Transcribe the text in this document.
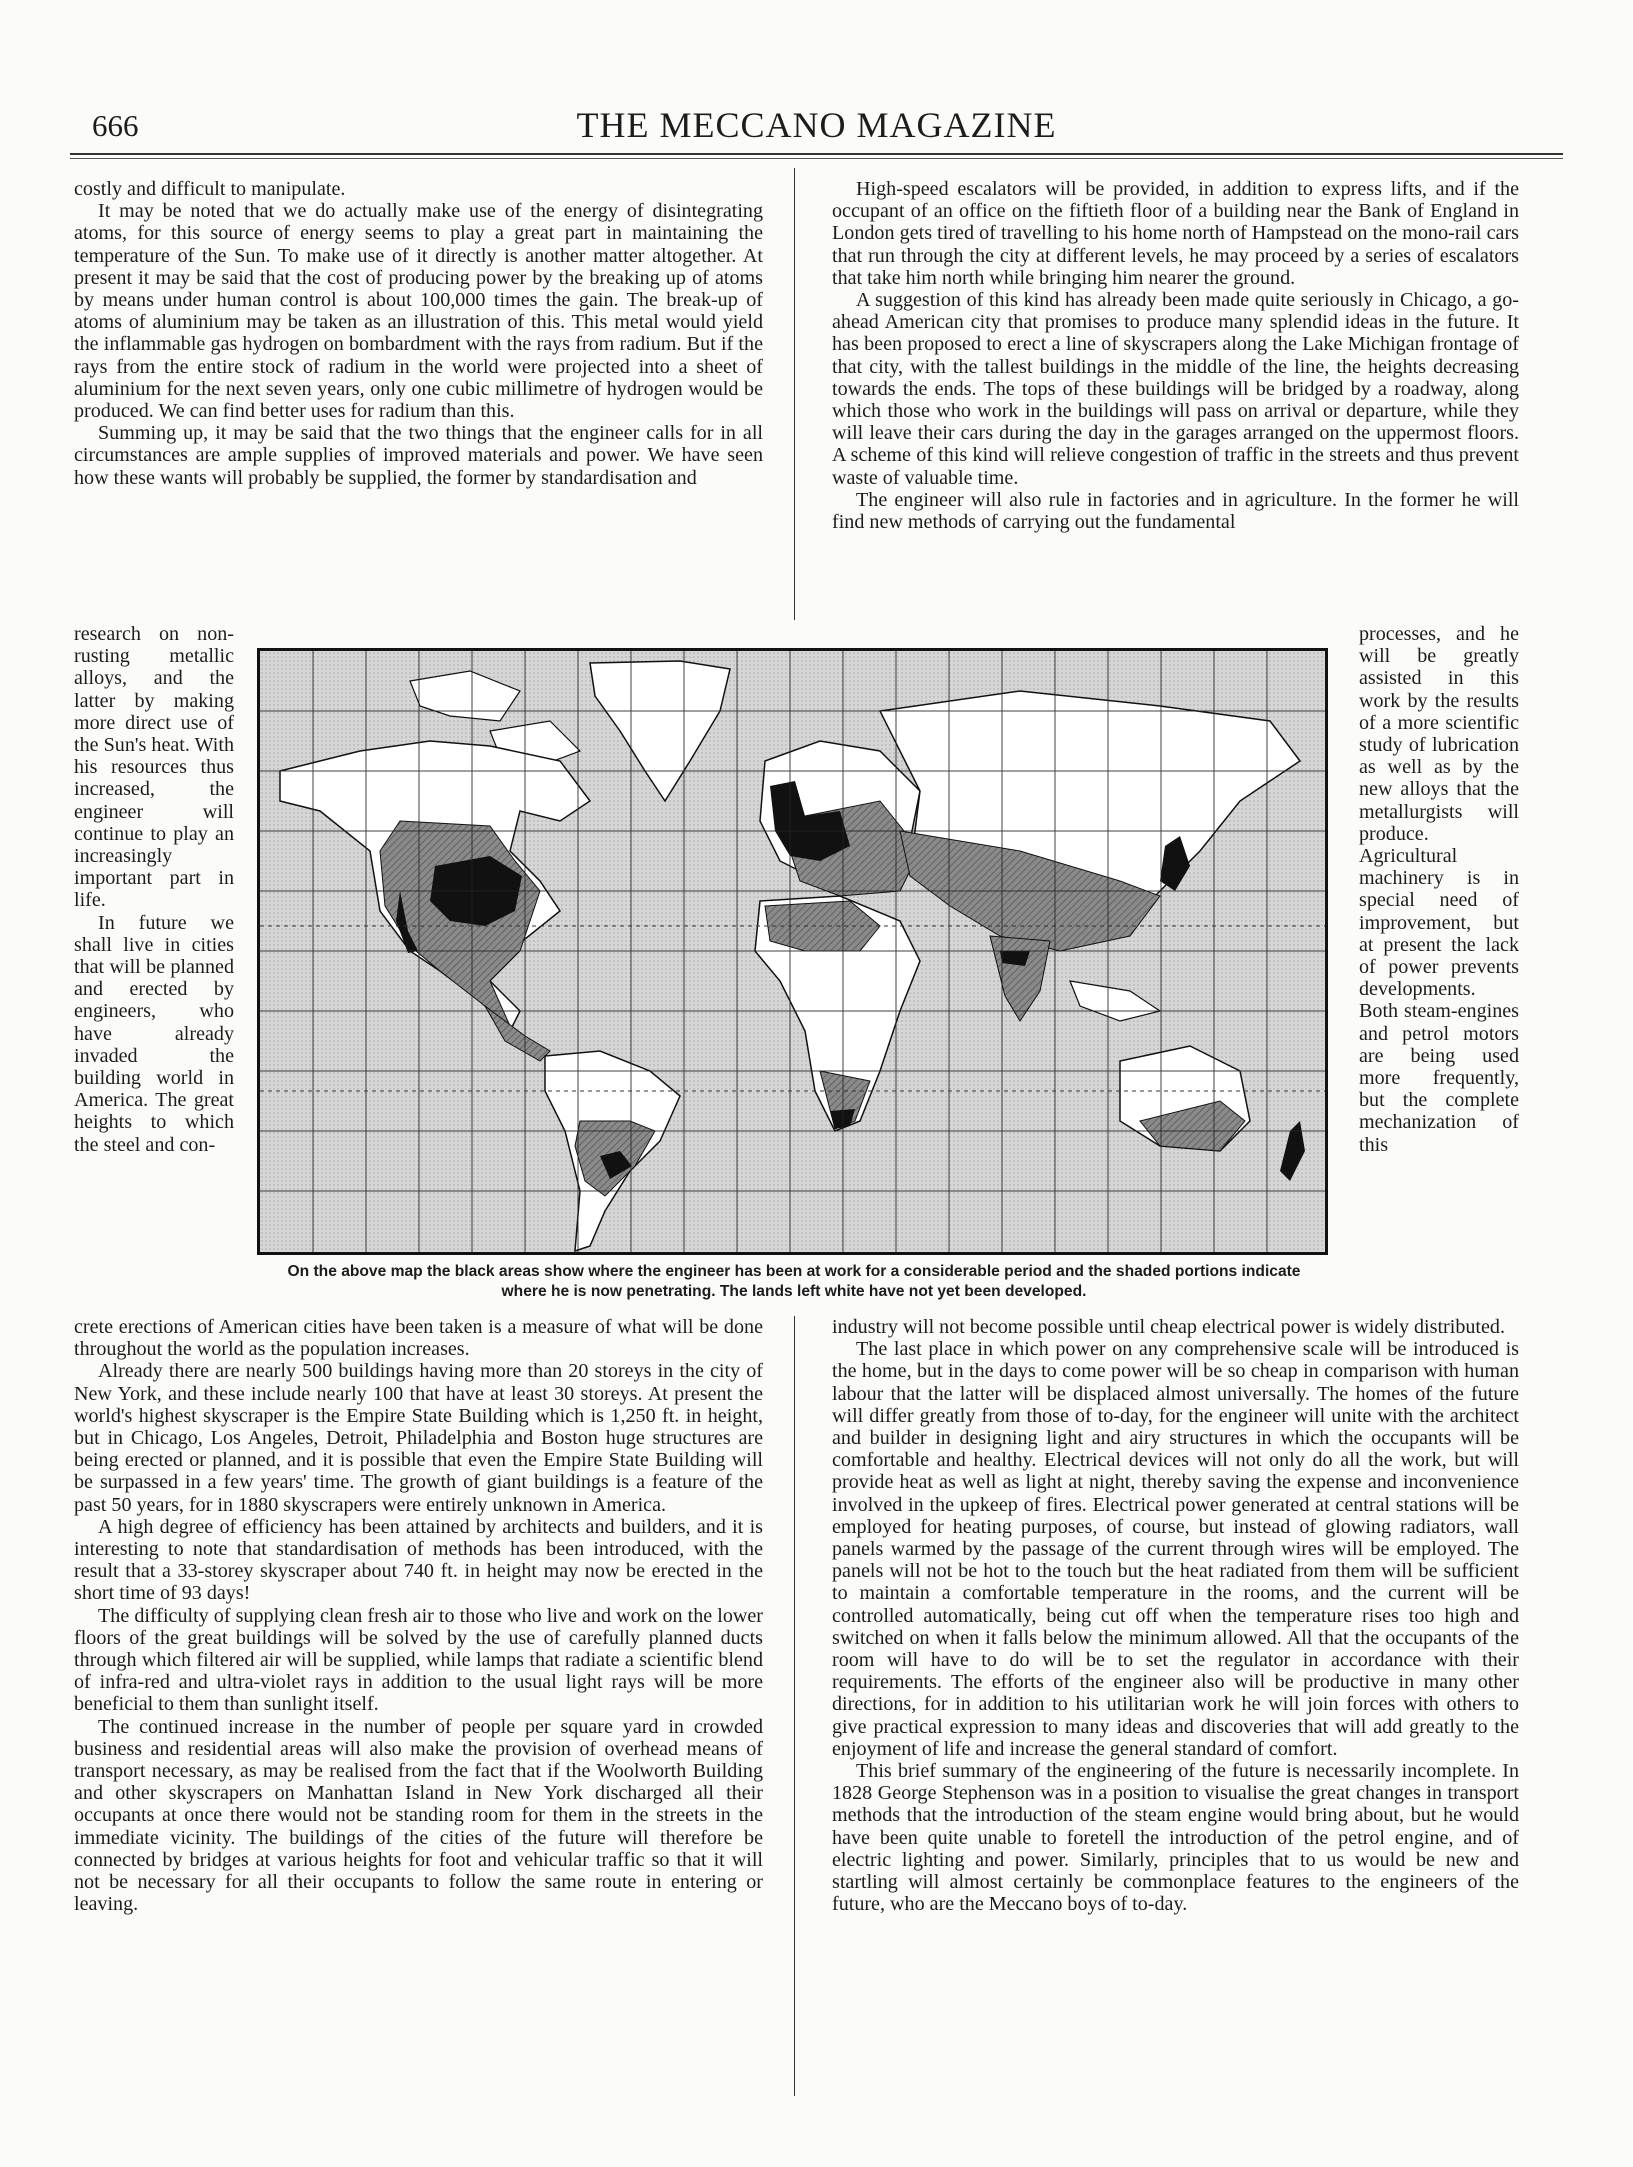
666	THE MECCANO MAGAZINE

costly and difficult to manipulate.

It may be noted that we do actually make use of the energy of disintegrating atoms, for this source of energy seems to play a great part in maintaining the temperature of the Sun. To make use of it directly is another matter altogether. At present it may be said that the cost of producing power by the breaking up of atoms by means under human control is about 100,000 times the gain. The break-up of atoms of aluminium may be taken as an illustration of this. This metal would yield the inflammable gas hydrogen on bombardment with the rays from radium. But if the rays from the entire stock of radium in the world were projected into a sheet of aluminium for the next seven years, only one cubic millimetre of hydrogen would be produced. We can find better uses for radium than this.

Summing up, it may be said that the two things that the engineer calls for in all circumstances are ample supplies of improved materials and power. We have seen how these wants will probably be supplied, the former by standardisation and

High-speed escalators will be provided, in addition to express lifts, and if the occupant of an office on the fiftieth floor of a building near the Bank of England in London gets tired of travelling to his home north of Hampstead on the mono-rail cars that run through the city at different levels, he may proceed by a series of escalators that take him north while bringing him nearer the ground.

A suggestion of this kind has already been made quite seriously in Chicago, a go-ahead American city that promises to produce many splendid ideas in the future. It has been proposed to erect a line of skyscrapers along the Lake Michigan frontage of that city, with the tallest buildings in the middle of the line, the heights decreasing towards the ends. The tops of these buildings will be bridged by a roadway, along which those who work in the buildings will pass on arrival or departure, while they will leave their cars during the day in the garages arranged on the uppermost floors. A scheme of this kind will relieve congestion of traffic in the streets and thus prevent waste of valuable time.

The engineer will also rule in factories and in agriculture. In the former he will find new methods of carrying out the fundamental

research on non-rusting metallic alloys, and the latter by making more direct use of the Sun's heat. With his resources thus increased, the engineer will continue to play an increasingly important part in life.

In future we shall live in cities that will be planned and erected by engineers, who have already invaded the building world in America. The great heights to which the steel and con-

processes, and he will be greatly assisted in this work by the results of a more scientific study of lubrication as well as by the new alloys that the metallurgists will produce. Agricultural machinery is in special need of improvement, but at present the lack of power prevents developments. Both steam-engines and petrol motors are being used more frequently, but the complete mechanization of this
On the above map the black areas show where the engineer has been at work for a considerable period and the shaded portions indicate
where he is now penetrating. The lands left white have not yet been developed.

crete erections of American cities have been taken is a measure of what will be done throughout the world as the population increases.

Already there are nearly 500 buildings having more than 20 storeys in the city of New York, and these include nearly 100 that have at least 30 storeys. At present the world's highest skyscraper is the Empire State Building which is 1,250 ft. in height, but in Chicago, Los Angeles, Detroit, Philadelphia and Boston huge structures are being erected or planned, and it is possible that even the Empire State Building will be surpassed in a few years' time. The growth of giant buildings is a feature of the past 50 years, for in 1880 skyscrapers were entirely unknown in America.

A high degree of efficiency has been attained by architects and builders, and it is interesting to note that standardisation of methods has been introduced, with the result that a 33-storey skyscraper about 740 ft. in height may now be erected in the short time of 93 days!

The difficulty of supplying clean fresh air to those who live and work on the lower floors of the great buildings will be solved by the use of carefully planned ducts through which filtered air will be supplied, while lamps that radiate a scientific blend of infra-red and ultra-violet rays in addition to the usual light rays will be more beneficial to them than sunlight itself.

The continued increase in the number of people per square yard in crowded business and residential areas will also make the provision of overhead means of transport necessary, as may be realised from the fact that if the Woolworth Building and other skyscrapers on Manhattan Island in New York discharged all their occupants at once there would not be standing room for them in the streets in the immediate vicinity. The buildings of the cities of the future will therefore be connected by bridges at various heights for foot and vehicular traffic so that it will not be necessary for all their occupants to follow the same route in entering or leaving.

industry will not become possible until cheap electrical power is widely distributed.

The last place in which power on any comprehensive scale will be introduced is the home, but in the days to come power will be so cheap in comparison with human labour that the latter will be displaced almost universally. The homes of the future will differ greatly from those of to-day, for the engineer will unite with the architect and builder in designing light and airy structures in which the occupants will be comfortable and healthy. Electrical devices will not only do all the work, but will provide heat as well as light at night, thereby saving the expense and inconvenience involved in the upkeep of fires. Electrical power generated at central stations will be employed for heating purposes, of course, but instead of glowing radiators, wall panels warmed by the passage of the current through wires will be employed. The panels will not be hot to the touch but the heat radiated from them will be sufficient to maintain a comfortable temperature in the rooms, and the current will be controlled automatically, being cut off when the temperature rises too high and switched on when it falls below the minimum allowed. All that the occupants of the room will have to do will be to set the regulator in accordance with their requirements. The efforts of the engineer also will be productive in many other directions, for in addition to his utilitarian work he will join forces with others to give practical expression to many ideas and discoveries that will add greatly to the enjoyment of life and increase the general standard of comfort.

This brief summary of the engineering of the future is necessarily incomplete. In 1828 George Stephenson was in a position to visualise the great changes in transport methods that the introduction of the steam engine would bring about, but he would have been quite unable to foretell the introduction of the petrol engine, and of electric lighting and power. Similarly, principles that to us would be new and startling will almost certainly be commonplace features to the engineers of the future, who are the Meccano boys of to-day.
